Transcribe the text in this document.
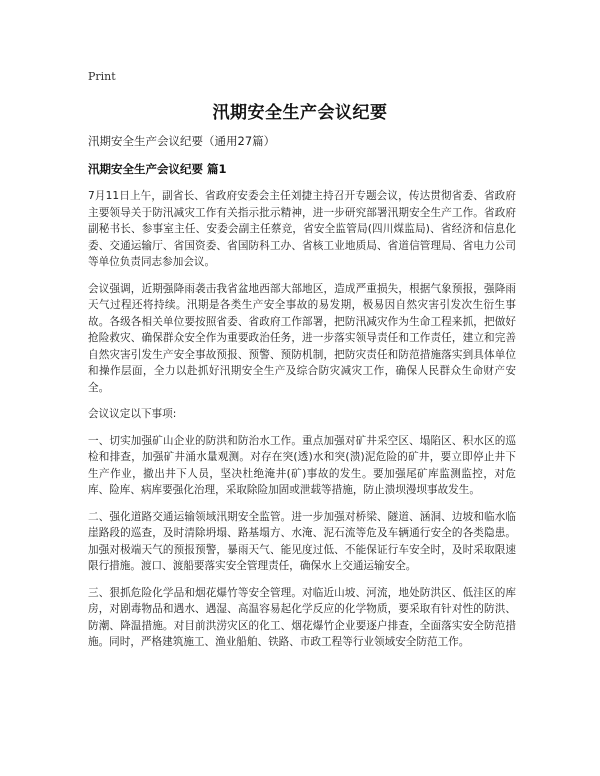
Print
汛期安全生产会议纪要

汛期安全生产会议纪要（通用27篇）

汛期安全生产会议纪要 篇1

7月11日上午，副省长、省政府安委会主任刘捷主持召开专题会议，传达贯彻省委、省政府主要领导关于防汛减灾工作有关指示批示精神，进一步研究部署汛期安全生产工作。省政府副秘书长、参事室主任、安委会副主任蔡竞，省安全监管局(四川煤监局)、省经济和信息化委、交通运输厅、省国资委、省国防科工办、省核工业地质局、省道信管理局、省电力公司等单位负责同志参加会议。

会议强调，近期强降雨袭击我省盆地西部大部地区，造成严重损失，根据气象预报，强降雨天气过程还将持续。汛期是各类生产安全事故的易发期，极易因自然灾害引发次生衍生事故。各级各相关单位要按照省委、省政府工作部署，把防汛减灾作为生命工程来抓，把做好抢险救灾、确保群众安全作为重要政治任务，进一步落实领导责任和工作责任，建立和完善自然灾害引发生产安全事故预报、预警、预防机制，把防灾责任和防范措施落实到具体单位和操作层面，全力以赴抓好汛期安全生产及综合防灾减灾工作，确保人民群众生命财产安全。

会议议定以下事项:

一、切实加强矿山企业的防洪和防治水工作。重点加强对矿井采空区、塌陷区、积水区的巡检和排查，加强矿井涌水量观测。对存在突(透)水和突(溃)泥危险的矿井，要立即停止井下生产作业，撤出井下人员，坚决杜绝淹井(矿)事故的发生。要加强尾矿库监测监控，对危库、险库、病库要强化治理，采取除险加固或泄载等措施，防止溃坝漫坝事故发生。

二、强化道路交通运输领域汛期安全监管。进一步加强对桥梁、隧道、涵洞、边坡和临水临崖路段的巡查，及时清除坍塌、路基塌方、水淹、泥石流等危及车辆通行安全的各类隐患。加强对极端天气的预报预警，暴雨天气、能见度过低、不能保证行车安全时，及时采取限速限行措施。渡口、渡船要落实安全管理责任，确保水上交通运输安全。

三、狠抓危险化学品和烟花爆竹等安全管理。对临近山坡、河流，地处防洪区、低洼区的库房，对剧毒物品和遇水、遇湿、高温容易起化学反应的化学物质，要采取有针对性的防洪、防潮、降温措施。对目前洪涝灾区的化工、烟花爆竹企业要逐户排查，全面落实安全防范措施。同时，严格建筑施工、渔业船舶、铁路、市政工程等行业领域安全防范工作。
